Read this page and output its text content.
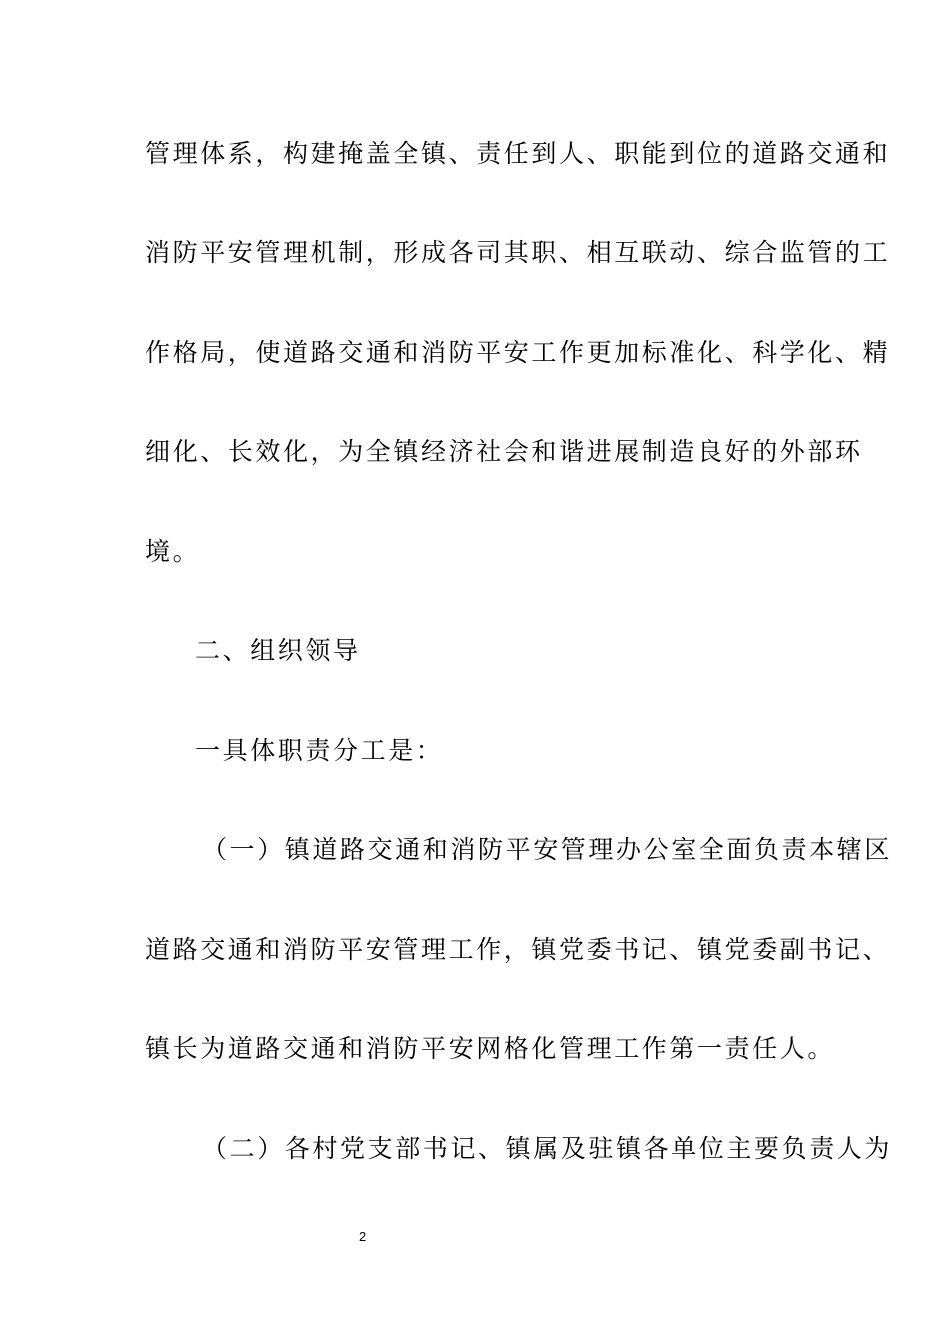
管理体系，构建掩盖全镇、责任到人、职能到位的道路交通和
消防平安管理机制，形成各司其职、相互联动、综合监管的工
作格局，使道路交通和消防平安工作更加标准化、科学化、精
细化、长效化，为全镇经济社会和谐进展制造良好的外部环
境。
二、组织领导
一具体职责分工是：
（一）镇道路交通和消防平安管理办公室全面负责本辖区
道路交通和消防平安管理工作，镇党委书记、镇党委副书记、
镇长为道路交通和消防平安网格化管理工作第一责任人。
（二）各村党支部书记、镇属及驻镇各单位主要负责人为
2
